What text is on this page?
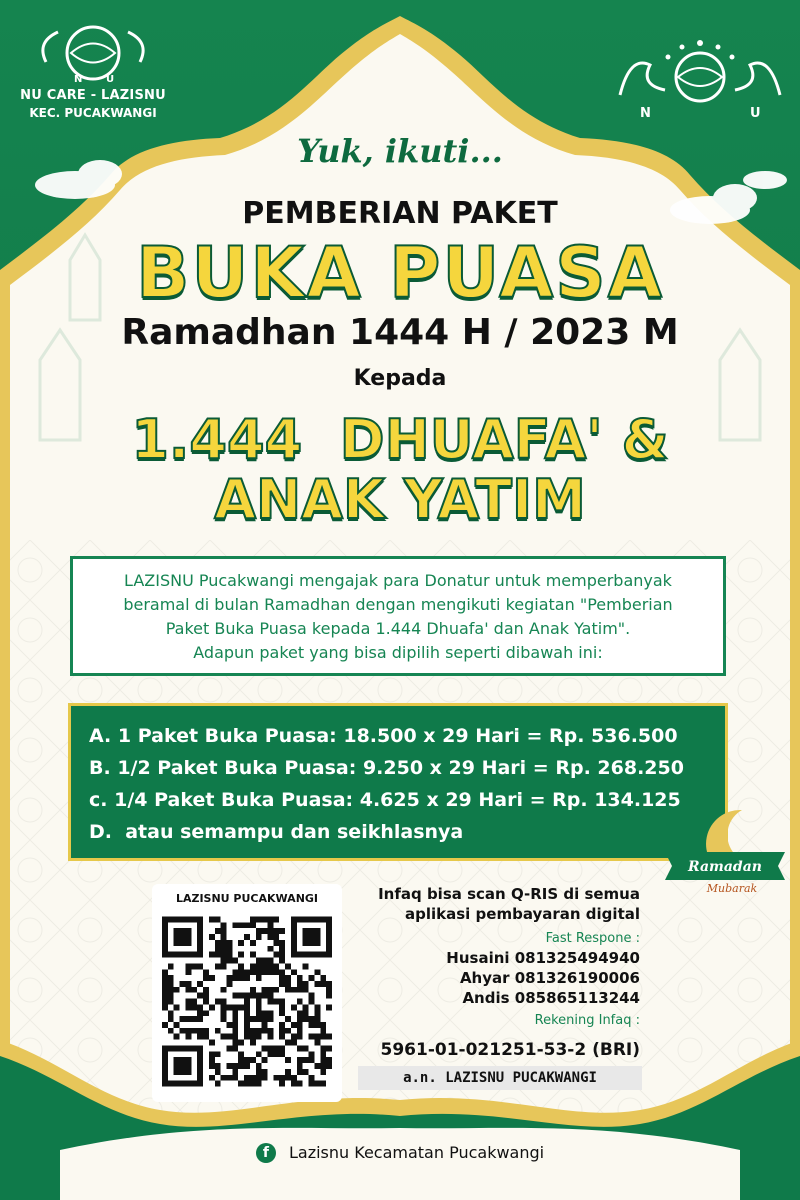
N U
NU CARE - LAZISNU
KEC. PUCAKWANGI	N	U
Yuk, ikuti...
PEMBERIAN PAKET
BUKA PUASA
Ramadhan 1444 H / 2023 M
Kepada
1.444  DHUAFA' &
ANAK YATIM
LAZISNU Pucakwangi mengajak para Donatur untuk memperbanyak
beramal di bulan Ramadhan dengan mengikuti kegiatan "Pemberian
Paket Buka Puasa kepada 1.444 Dhuafa' dan Anak Yatim".
Adapun paket yang bisa dipilih seperti dibawah ini:
A. 1 Paket Buka Puasa: 18.500 x 29 Hari = Rp. 536.500
B. 1/2 Paket Buka Puasa: 9.250 x 29 Hari = Rp. 268.250
c. 1/4 Paket Buka Puasa: 4.625 x 29 Hari = Rp. 134.125
D.  atau semampu dan seikhlasnya
Ramadan
Mubarak
LAZISNU PUCAKWANGI	Infaq bisa scan Q-RIS di semua
aplikasi pembayaran digital
Fast Respone :
Husaini 081325494940
Ahyar 081326190006
Andis 085865113244
Rekening Infaq :
5961-01-021251-53-2 (BRI)
a.n. LAZISNU PUCAKWANGI
f Lazisnu Kecamatan Pucakwangi
